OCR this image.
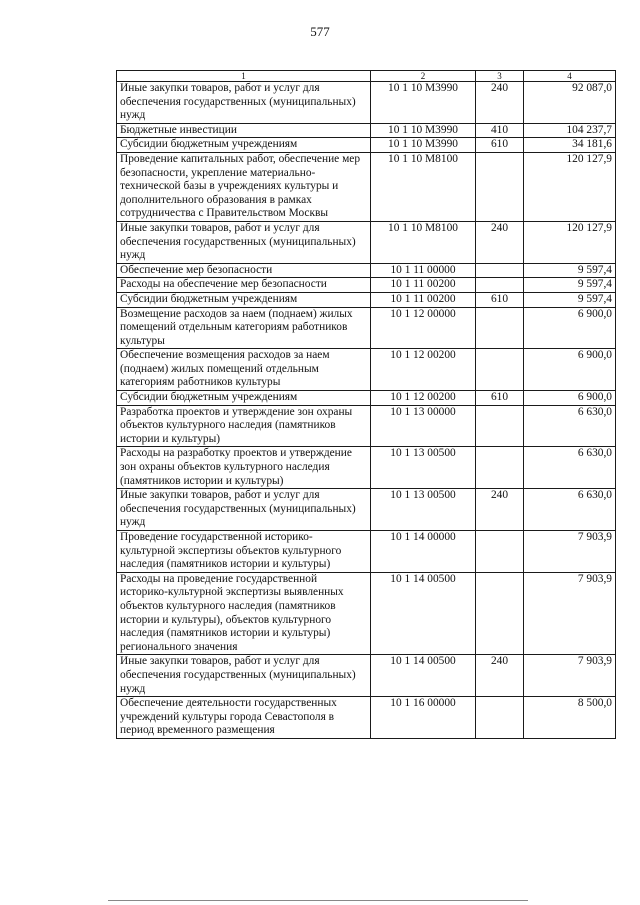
577
1	2	3	4
Иные закупки товаров, работ и услуг для обеспечения государственных (муниципальных) нужд	10 1 10 М3990	240	92 087,0
Бюджетные инвестиции	10 1 10 М3990	410	104 237,7
Субсидии бюджетным учреждениям	10 1 10 М3990	610	34 181,6
Проведение капитальных работ, обеспечение мер безопасности, укрепление материально-технической базы в учреждениях культуры и дополнительного образования в рамках сотрудничества с Правительством Москвы	10 1 10 М8100		120 127,9
Иные закупки товаров, работ и услуг для обеспечения государственных (муниципальных) нужд	10 1 10 М8100	240	120 127,9
Обеспечение мер безопасности	10 1 11 00000		9 597,4
Расходы на обеспечение мер безопасности	10 1 11 00200		9 597,4
Субсидии бюджетным учреждениям	10 1 11 00200	610	9 597,4
Возмещение расходов за наем (поднаем) жилых помещений отдельным категориям работников культуры	10 1 12 00000		6 900,0
Обеспечение возмещения расходов за наем (поднаем) жилых помещений отдельным категориям работников культуры	10 1 12 00200		6 900,0
Субсидии бюджетным учреждениям	10 1 12 00200	610	6 900,0
Разработка проектов и утверждение зон охраны объектов культурного наследия (памятников истории и культуры)	10 1 13 00000		6 630,0
Расходы на разработку проектов и утверждение зон охраны объектов культурного наследия (памятников истории и культуры)	10 1 13 00500		6 630,0
Иные закупки товаров, работ и услуг для обеспечения государственных (муниципальных) нужд	10 1 13 00500	240	6 630,0
Проведение государственной историко-культурной экспертизы объектов культурного наследия (памятников истории и культуры)	10 1 14 00000		7 903,9
Расходы на проведение государственной историко-культурной экспертизы выявленных объектов культурного наследия (памятников истории и культуры), объектов культурного наследия (памятников истории и культуры) регионального значения	10 1 14 00500		7 903,9
Иные закупки товаров, работ и услуг для обеспечения государственных (муниципальных) нужд	10 1 14 00500	240	7 903,9
Обеспечение деятельности государственных учреждений культуры города Севастополя в период временного размещения	10 1 16 00000		8 500,0
